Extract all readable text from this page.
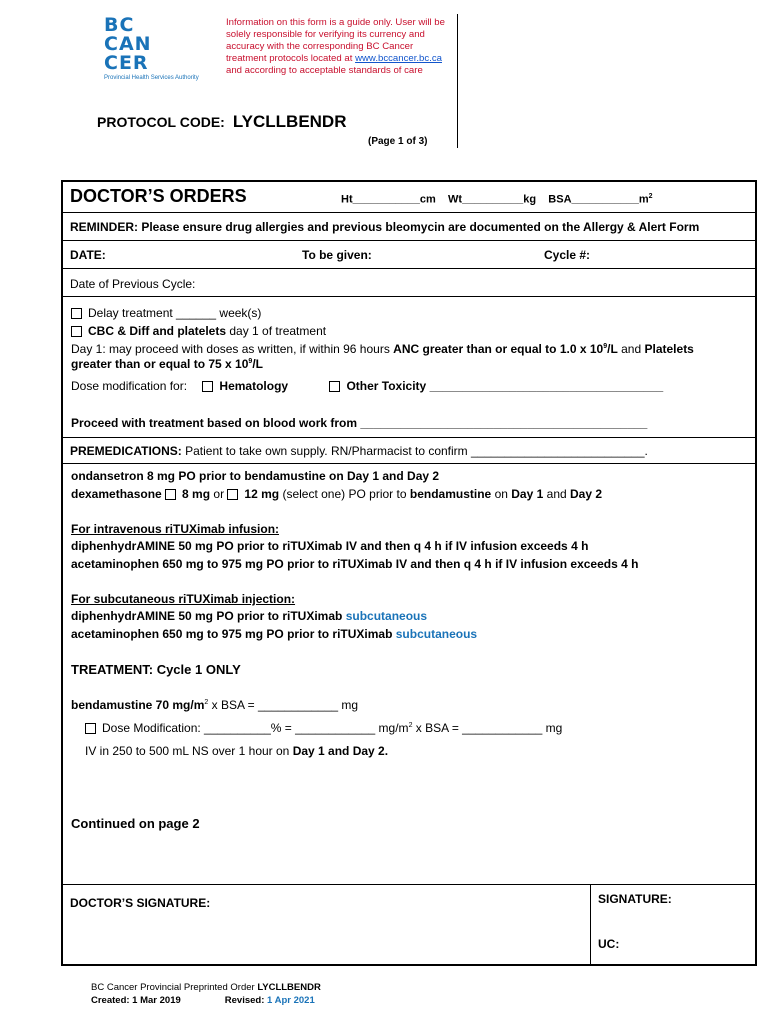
BC
CAN
CER
Provincial Health Services Authority
Information on this form is a guide only. User will be solely responsible for verifying its currency and accuracy with the corresponding BC Cancer treatment protocols located at www.bccancer.bc.ca and according to acceptable standards of care
PROTOCOL CODE: LYCLLBENDR
(Page 1 of 3)
DOCTOR’S ORDERS	Ht___________cm    Wt__________kg    $BSA\_\_\_\_\_\_\_\_\_\_\_m^2$
REMINDER: Please ensure drug allergies and previous bleomycin are documented on the Allergy & Alert Form
DATE:	To be given:	Cycle #:
Date of Previous Cycle:
Delay treatment ______ week(s)
CBC & Diff and platelets day 1 of treatment
Day 1: may proceed with doses as written, if within 96 hours ANC greater than or equal to 1.0 x $10^9/L$ and Platelets
greater than or equal to 75 x $10^9/L$
Dose modification for:	Hematology	Other Toxicity ___________________________________
Proceed with treatment based on blood work from ___________________________________________
PREMEDICATIONS: Patient to take own supply. RN/Pharmacist to confirm __________________________.
ondansetron 8 mg PO prior to bendamustine on Day 1 and Day 2
dexamethasone 8 mg or 12 mg (select one) PO prior to bendamustine on Day 1 and Day 2
For intravenous riTUXimab infusion:
diphenhydrAMINE 50 mg PO prior to riTUXimab IV and then q 4 h if IV infusion exceeds 4 h
acetaminophen 650 mg to 975 mg PO prior to riTUXimab IV and then q 4 h if IV infusion exceeds 4 h
For subcutaneous riTUXimab injection:
diphenhydrAMINE 50 mg PO prior to riTUXimab subcutaneous
acetaminophen 650 mg to 975 mg PO prior to riTUXimab subcutaneous
TREATMENT: Cycle 1 ONLY
bendamustine 70 $mg/m^2$ x BSA = ____________ mg
Dose Modification: __________% = ____________ $mg/m^2$ x BSA = ____________ mg
IV in 250 to 500 mL NS over 1 hour on Day 1 and Day 2.
Continued on page 2
DOCTOR’S SIGNATURE:	SIGNATURE:
UC:
BC Cancer Provincial Preprinted Order LYCLLBENDR
Created: 1 Mar 2019	Revised: 1 Apr 2021
